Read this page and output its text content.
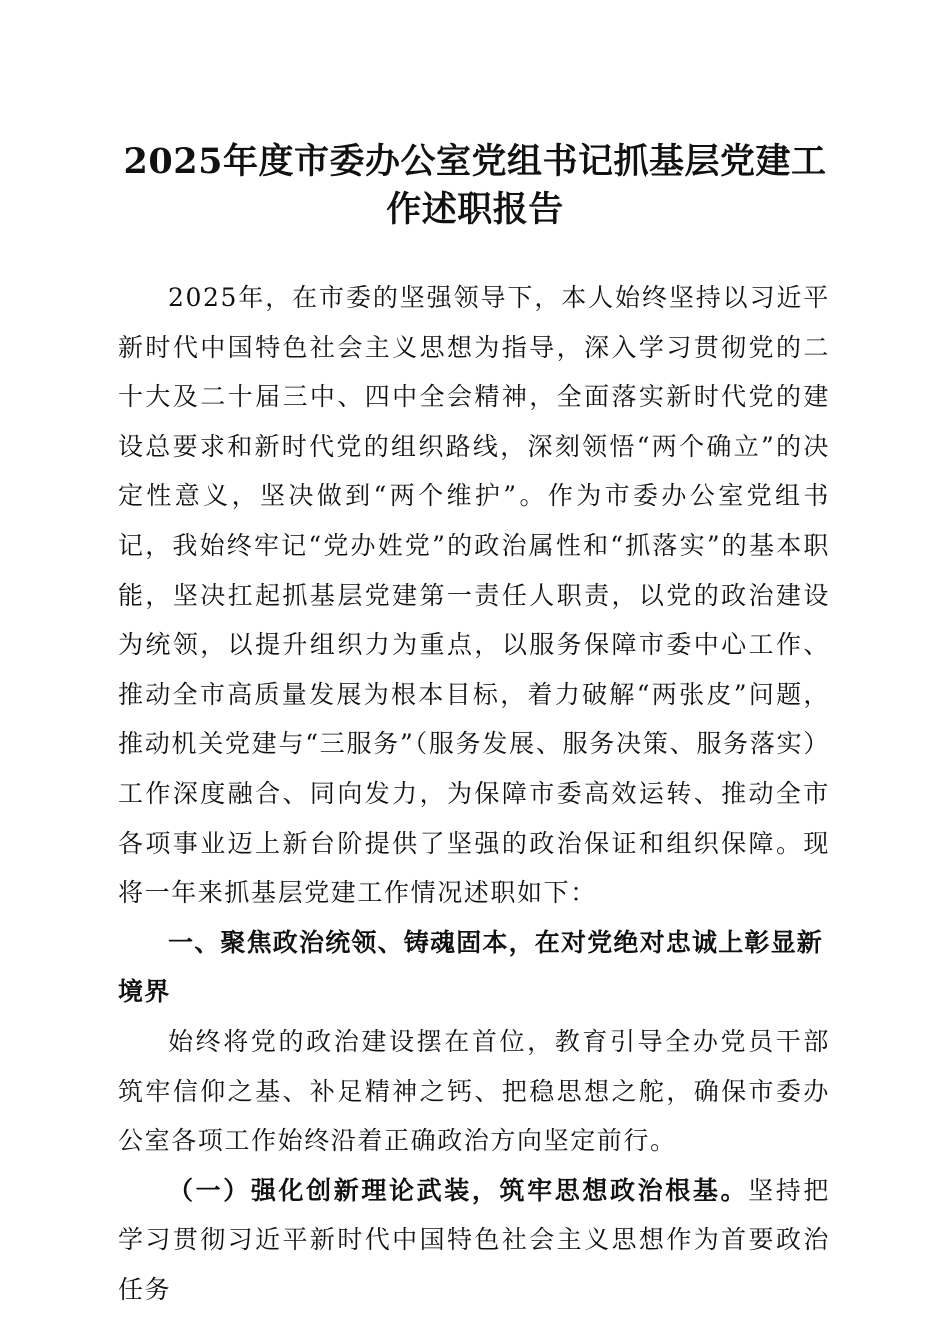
2025年度市委办公室党组书记抓基层党建工
作述职报告

2025年，在市委的坚强领导下，本人始终坚持以习近平新时代中国特色社会主义思想为指导，深入学习贯彻党的二十大及二十届三中、四中全会精神，全面落实新时代党的建设总要求和新时代党的组织路线，深刻领悟“两个确立”的决定性意义，坚决做到“两个维护”。作为市委办公室党组书记，我始终牢记“党办姓党”的政治属性和“抓落实”的基本职能，坚决扛起抓基层党建第一责任人职责，以党的政治建设为统领，以提升组织力为重点，以服务保障市委中心工作、推动全市高质量发展为根本目标，着力破解“两张皮”问题，推动机关党建与“三服务”（服务发展、服务决策、服务落实）工作深度融合、同向发力，为保障市委高效运转、推动全市各项事业迈上新台阶提供了坚强的政治保证和组织保障。现将一年来抓基层党建工作情况述职如下：

一、聚焦政治统领、铸魂固本，在对党绝对忠诚上彰显新境界

始终将党的政治建设摆在首位，教育引导全办党员干部筑牢信仰之基、补足精神之钙、把稳思想之舵，确保市委办公室各项工作始终沿着正确政治方向坚定前行。

（一）强化创新理论武装，筑牢思想政治根基。坚持把学习贯彻习近平新时代中国特色社会主义思想作为首要政治任务
